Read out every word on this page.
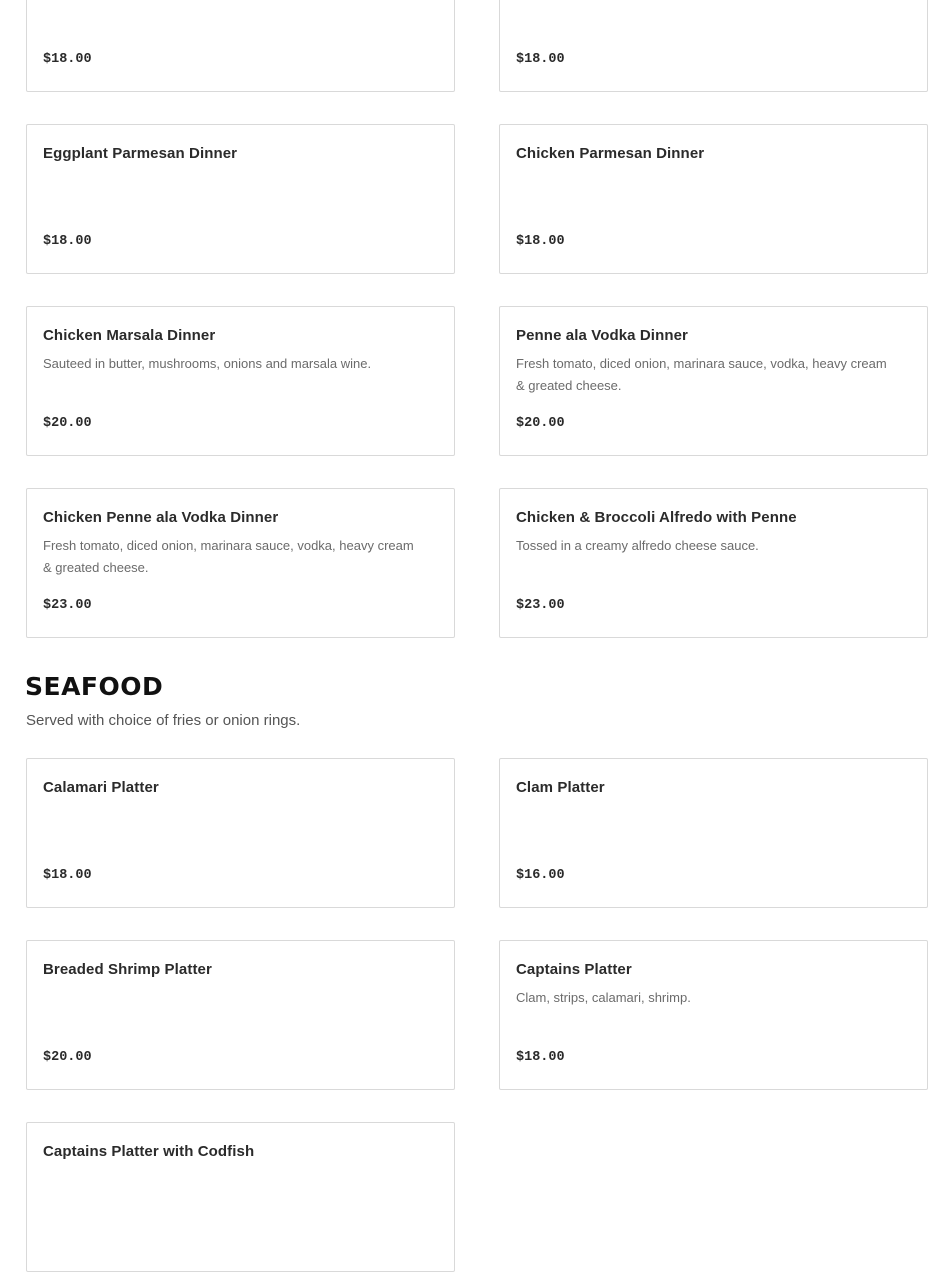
$18.00	$18.00
Eggplant Parmesan Dinner
$18.00
Chicken Parmesan Dinner
$18.00
Chicken Marsala Dinner
Sauteed in butter, mushrooms, onions and marsala wine.
$20.00
Penne ala Vodka Dinner
Fresh tomato, diced onion, marinara sauce, vodka, heavy cream & greated cheese.
$20.00
Chicken Penne ala Vodka Dinner
Fresh tomato, diced onion, marinara sauce, vodka, heavy cream & greated cheese.
$23.00
Chicken & Broccoli Alfredo with Penne
Tossed in a creamy alfredo cheese sauce.
$23.00
SEAFOOD
Served with choice of fries or onion rings.
Calamari Platter
$18.00
Clam Platter
$16.00
Breaded Shrimp Platter
$20.00
Captains Platter
Clam, strips, calamari, shrimp.
$18.00
Captains Platter with Codfish
